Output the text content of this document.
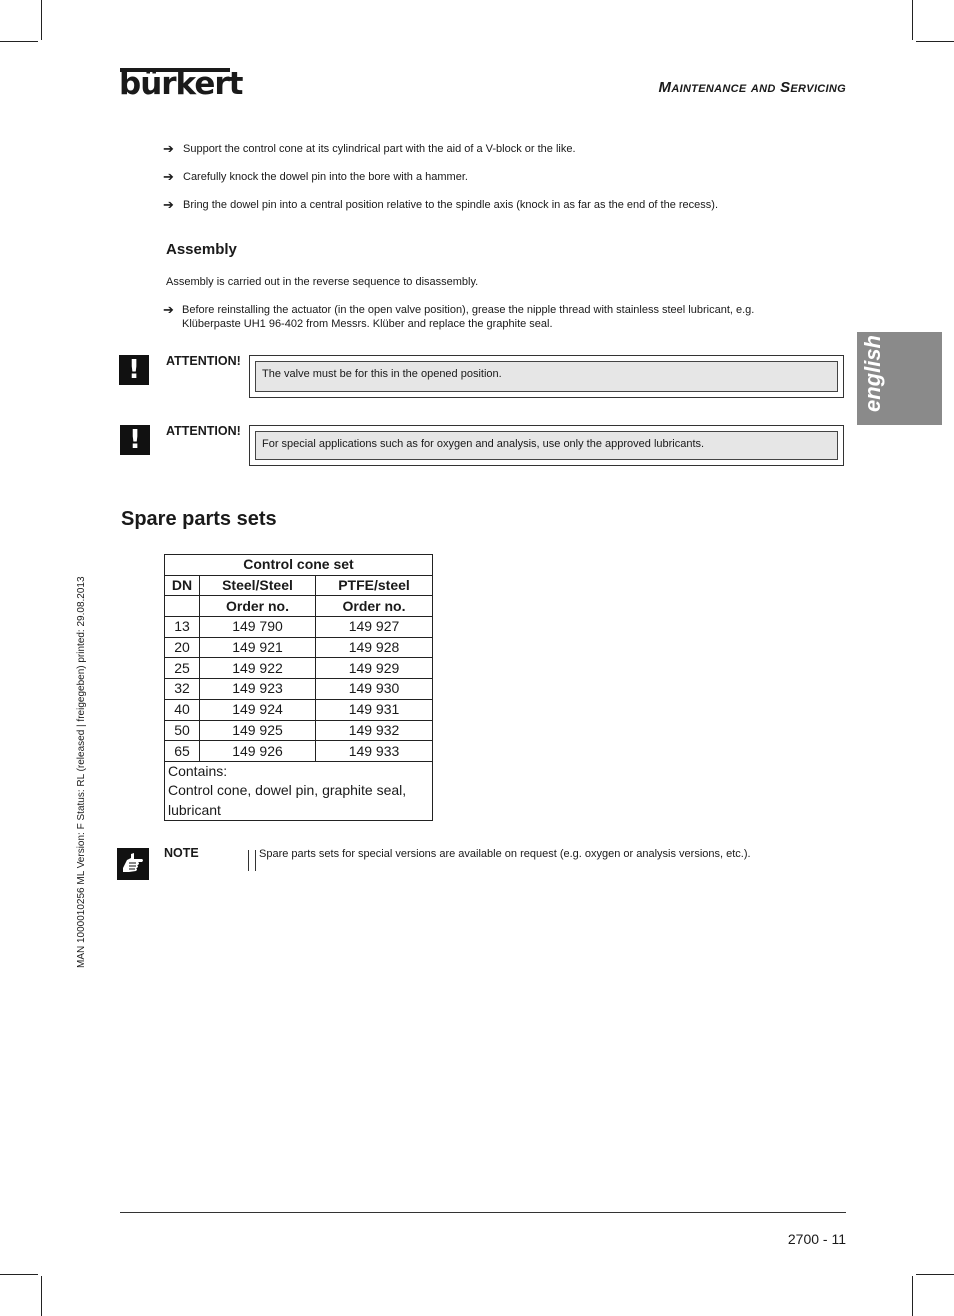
bürkert	Maintenance and Servicing
➔ Support the control cone at its cylindrical part with the aid of a V-block or the like.
➔ Carefully knock the dowel pin into the bore with a hammer.
➔ Bring the dowel pin into a central position relative to the spindle axis (knock in as far as the end of the recess).
Assembly
Assembly is carried out in the reverse sequence to disassembly.
➔ Before reinstalling the actuator (in the open valve position), grease the nipple thread with stainless steel lubricant, e.g.
Klüberpaste UH1 96-402 from Messrs. Klüber and replace the graphite seal.
english
!	ATTENTION!
The valve must be for this in the opened position.
!	ATTENTION!
For special applications such as for oxygen and analysis, use only the approved lubricants.
Spare parts sets
Control cone set		
DN	Steel/Steel	PTFE/steel
	Order no.	Order no.
13	149 790	149 927
20	149 921	149 928
25	149 922	149 929
32	149 923	149 930
40	149 924	149 931
50	149 925	149 932
65	149 926	149 933
Contains:
Control cone, dowel pin, graphite seal,
lubricant		
NOTE	Spare parts sets for special versions are available on request (e.g. oxygen or analysis versions, etc.).
MAN 1000010256 ML Version: F Status: RL (released | freigegeben) printed: 29.08.2013
2700 - 11
